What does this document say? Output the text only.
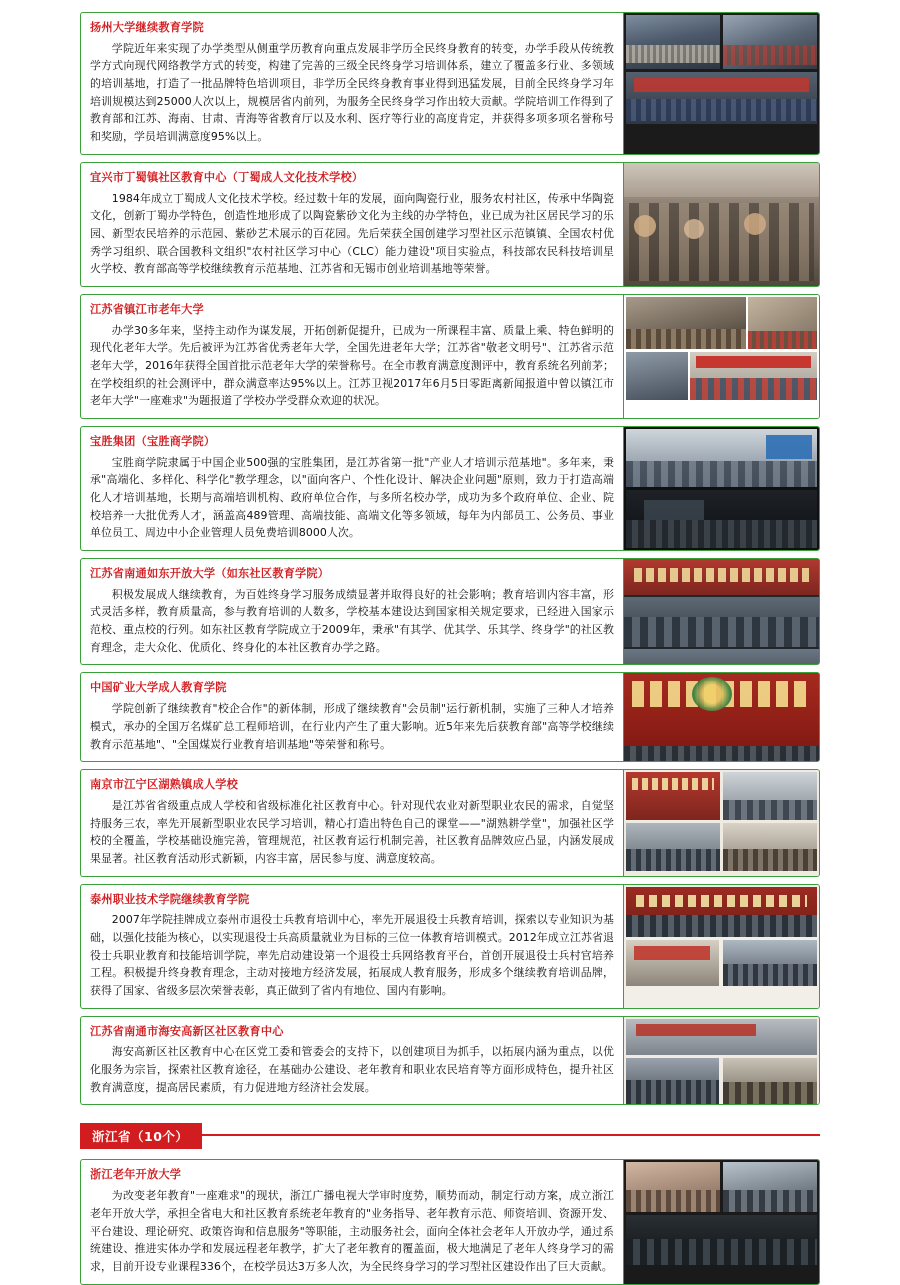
扬州大学继续教育学院
学院近年来实现了办学类型从侧重学历教育向重点发展非学历全民终身教育的转变，办学手段从传统教学方式向现代网络教学方式的转变，构建了完善的三级全民终身学习培训体系，建立了覆盖多行业、多领域的培训基地，打造了一批品牌特色培训项目，非学历全民终身教育事业得到迅猛发展，目前全民终身学习年培训规模达到25000人次以上，规模居省内前列，为服务全民终身学习作出较大贡献。学院培训工作得到了教育部和江苏、海南、甘肃、青海等省教育厅以及水利、医疗等行业的高度肯定，并获得多项多项名誉称号和奖励，学员培训满意度95%以上。
宜兴市丁蜀镇社区教育中心（丁蜀成人文化技术学校）
1984年成立丁蜀成人文化技术学校。经过数十年的发展，面向陶瓷行业，服务农村社区，传承中华陶瓷文化，创新丁蜀办学特色，创造性地形成了以陶瓷紫砂文化为主线的办学特色，业已成为社区居民学习的乐园、新型农民培养的示范园、紫砂艺术展示的百花园。先后荣获全国创建学习型社区示范镇镇、全国农村优秀学习组织、联合国教科文组织"农村社区学习中心（CLC）能力建设"项目实验点，科技部农民科技培训星火学校、教育部高等学校继续教育示范基地、江苏省和无锡市创业培训基地等荣誉。
江苏省镇江市老年大学
办学30多年来，坚持主动作为谋发展，开拓创新促提升，已成为一所课程丰富、质量上乘、特色鲜明的现代化老年大学。先后被评为江苏省优秀老年大学，全国先进老年大学；江苏省"敬老文明号"、江苏省示范老年大学，2016年获得全国首批示范老年大学的荣誉称号。在全市教育满意度测评中，教育系统名列前茅；在学校组织的社会测评中，群众满意率达95%以上。江苏卫视2017年6月5日零距离新闻报道中曾以镇江市老年大学"一座难求"为题报道了学校办学受群众欢迎的状况。
宝胜集团（宝胜商学院）
宝胜商学院隶属于中国企业500强的宝胜集团，是江苏省第一批"产业人才培训示范基地"。多年来，秉承"高端化、多样化、科学化"教学理念，以"面向客户、个性化设计、解决企业问题"原则，致力于打造高端化人才培训基地，长期与高端培训机构、政府单位合作，与多所名校办学，成功为多个政府单位、企业、院校培养一大批优秀人才，涵盖高489管理、高端技能、高端文化等多领域，每年为内部员工、公务员、事业单位员工、周边中小企业管理人员免费培训8000人次。
江苏省南通如东开放大学（如东社区教育学院）
积极发展成人继续教育，为百姓终身学习服务成绩显著并取得良好的社会影响；教育培训内容丰富，形式灵活多样，教育质量高，参与教育培训的人数多，学校基本建设达到国家相关规定要求，已经进入国家示范校、重点校的行列。如东社区教育学院成立于2009年，秉承"有其学、优其学、乐其学、终身学"的社区教育理念，走大众化、优质化、终身化的本社区教育办学之路。
中国矿业大学成人教育学院
学院创新了继续教育"校企合作"的新体制，形成了继续教育"会员制"运行新机制，实施了三种人才培养模式，承办的全国万名煤矿总工程师培训，在行业内产生了重大影响。近5年来先后获教育部"高等学校继续教育示范基地"、"全国煤炭行业教育培训基地"等荣誉和称号。
南京市江宁区湖熟镇成人学校
是江苏省省级重点成人学校和省级标准化社区教育中心。针对现代农业对新型职业农民的需求，自觉坚持服务三农，率先开展新型职业农民学习培训，精心打造出特色自己的课堂——"湖熟耕学堂"，加强社区学校的全覆盖，学校基础设施完善，管理规范，社区教育运行机制完善，社区教育品牌效应凸显，内涵发展成果显著。社区教育活动形式新颖，内容丰富，居民参与度、满意度较高。
泰州职业技术学院继续教育学院
2007年学院挂牌成立泰州市退役士兵教育培训中心，率先开展退役士兵教育培训，探索以专业知识为基础，以强化技能为核心，以实现退役士兵高质量就业为目标的三位一体教育培训模式。2012年成立江苏省退役士兵职业教育和技能培训学院，率先启动建设第一个退役士兵网络教育平台，首创开展退役士兵村官培养工程。积极提升终身教育理念，主动对接地方经济发展，拓展成人教育服务，形成多个继续教育培训品牌，获得了国家、省级多层次荣誉表彰，真正做到了省内有地位、国内有影响。
江苏省南通市海安高新区社区教育中心
海安高新区社区教育中心在区党工委和管委会的支持下，以创建项目为抓手，以拓展内涵为重点，以优化服务为宗旨，探索社区教育途径，在基础办公建设、老年教育和职业农民培育等方面形成特色，提升社区教育满意度，提高居民素质，有力促进地方经济社会发展。
浙江省（10个）
浙江老年开放大学
为改变老年教育"一座难求"的现状，浙江广播电视大学审时度势，顺势而动，制定行动方案，成立浙江老年开放大学，承担全省电大和社区教育系统老年教育的"业务指导、老年教育示范、师资培训、资源开发、平台建设、理论研究、政策咨询和信息服务"等职能，主动服务社会，面向全体社会老年人开放办学，通过系统建设、推进实体办学和发展远程老年教学，扩大了老年教育的覆盖面，极大地满足了老年人终身学习的需求，目前开设专业课程336个，在校学员达3万多人次，为全民终身学习的学习型社区建设作出了巨大贡献。
